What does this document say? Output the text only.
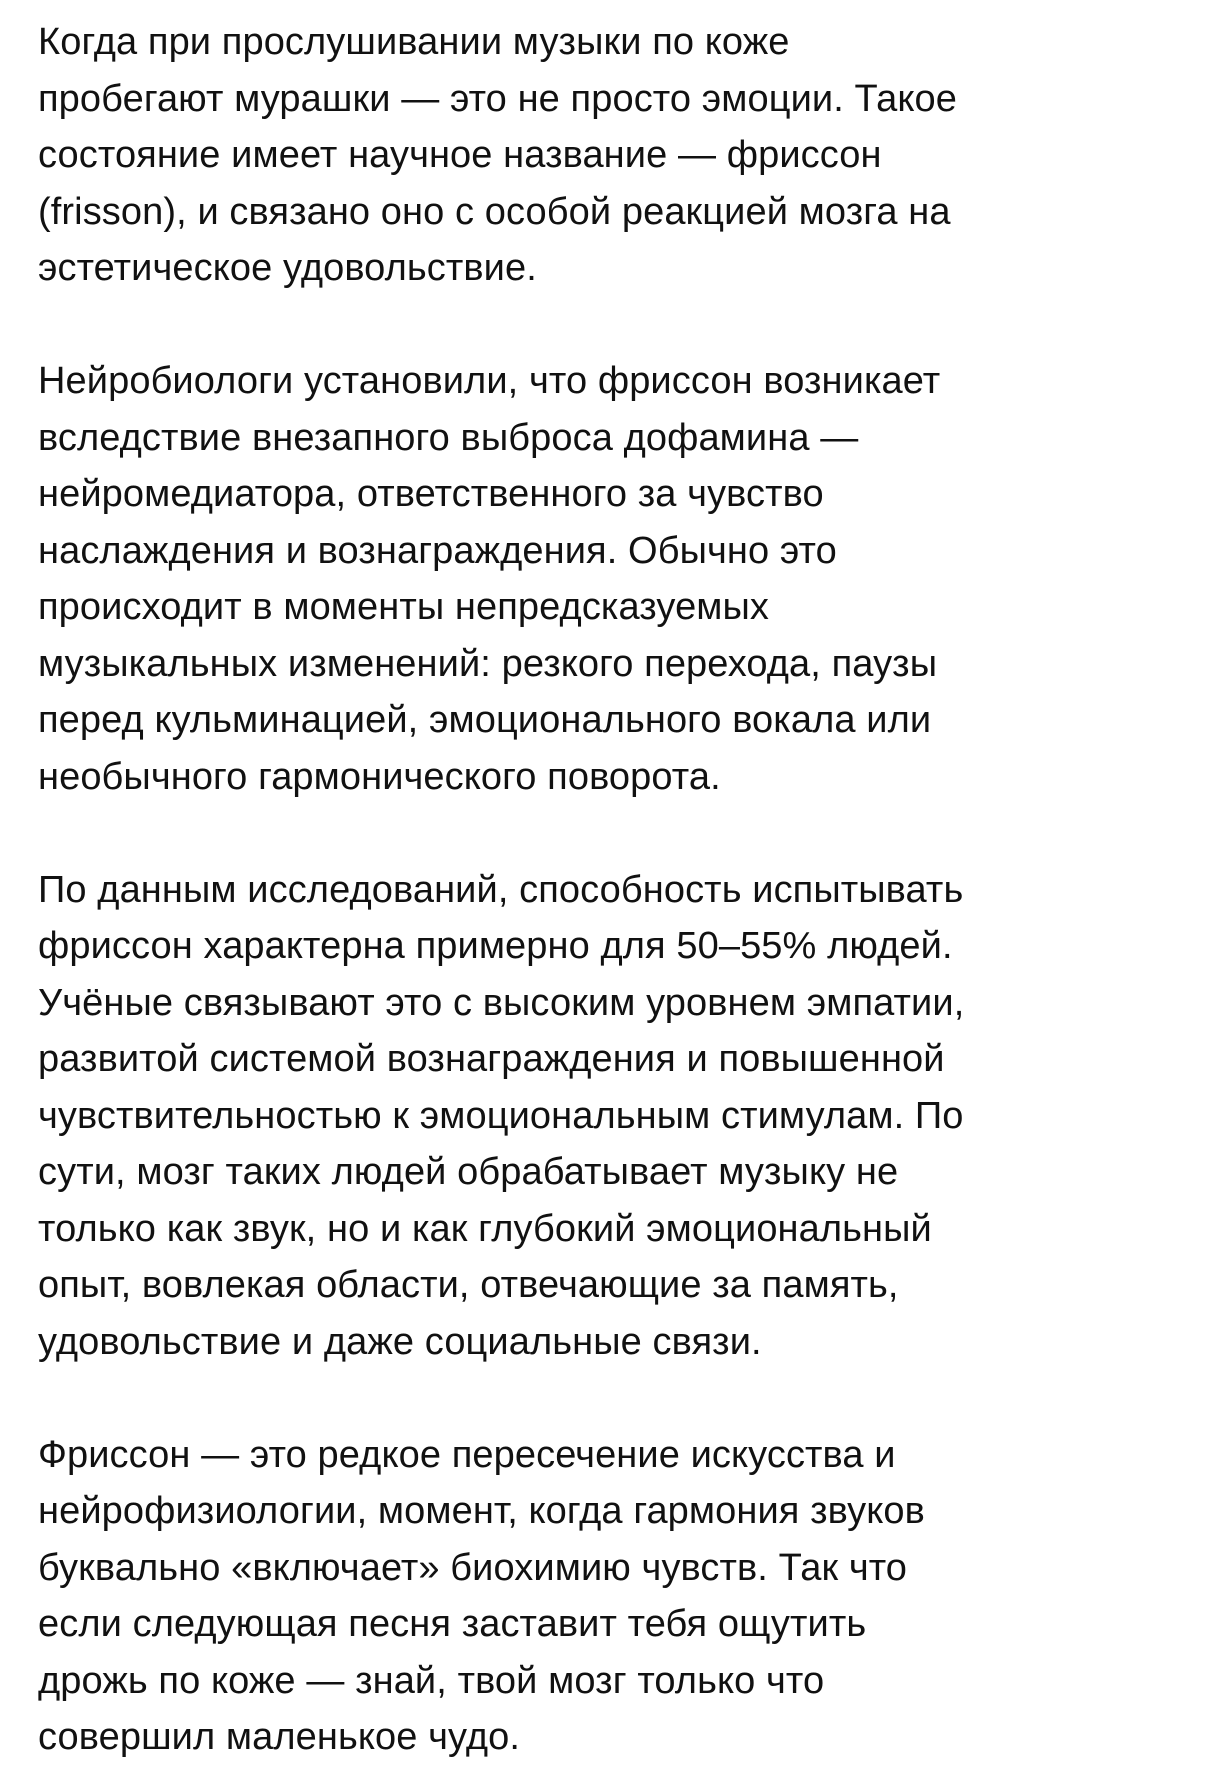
Когда при прослушивании музыки по коже
пробегают мурашки — это не просто эмоции. Такое
состояние имеет научное название — фриссон
(frisson), и связано оно с особой реакцией мозга на
эстетическое удовольствие.

Нейробиологи установили, что фриссон возникает
вследствие внезапного выброса дофамина —
нейромедиатора, ответственного за чувство
наслаждения и вознаграждения. Обычно это
происходит в моменты непредсказуемых
музыкальных изменений: резкого перехода, паузы
перед кульминацией, эмоционального вокала или
необычного гармонического поворота.

По данным исследований, способность испытывать
фриссон характерна примерно для 50–55% людей.
Учёные связывают это с высоким уровнем эмпатии,
развитой системой вознаграждения и повышенной
чувствительностью к эмоциональным стимулам. По
сути, мозг таких людей обрабатывает музыку не
только как звук, но и как глубокий эмоциональный
опыт, вовлекая области, отвечающие за память,
удовольствие и даже социальные связи.

Фриссон — это редкое пересечение искусства и
нейрофизиологии, момент, когда гармония звуков
буквально «включает» биохимию чувств. Так что
если следующая песня заставит тебя ощутить
дрожь по коже — знай, твой мозг только что
совершил маленькое чудо.
